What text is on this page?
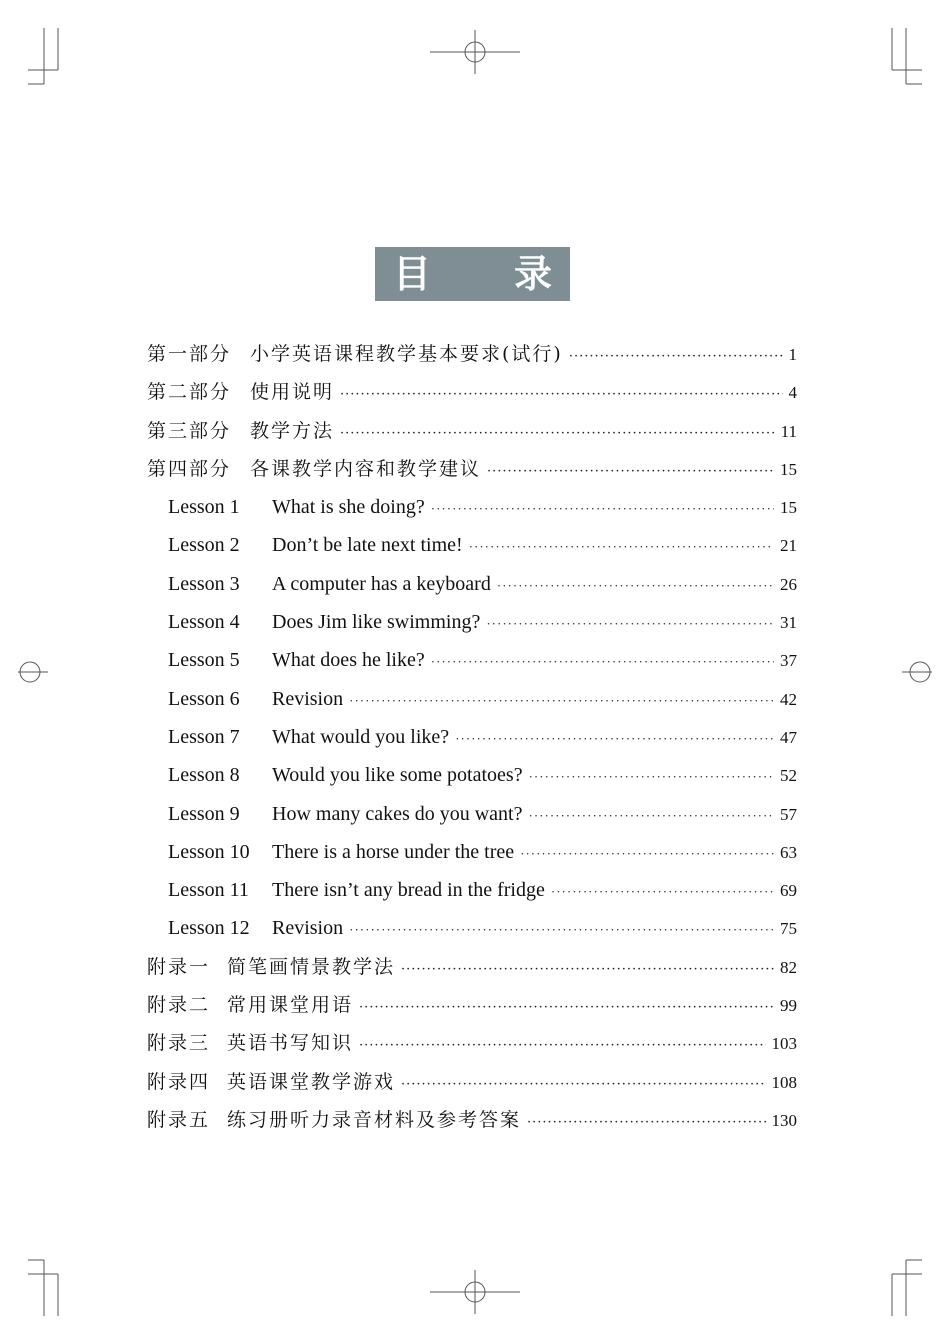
目 录
第一部分 小学英语课程教学基本要求(试行) ·····	1
第二部分 使用说明 ·····	4
第三部分 教学方法 ·····	11
第四部分 各课教学内容和教学建议 ·····	15
Lesson 1	What is she doing? ·····	15
Lesson 2	Don’t be late next time! ·····	21
Lesson 3	A computer has a keyboard ·····	26
Lesson 4	Does Jim like swimming? ·····	31
Lesson 5	What does he like? ·····	37
Lesson 6	Revision ·····	42
Lesson 7	What would you like? ·····	47
Lesson 8	Would you like some potatoes? ·····	52
Lesson 9	How many cakes do you want? ·····	57
Lesson 10	There is a horse under the tree ·····	63
Lesson 11	There isn’t any bread in the fridge ·····	69
Lesson 12	Revision ·····	75
附录一 简笔画情景教学法 ·····	82
附录二 常用课堂用语 ·····	99
附录三 英语书写知识 ·····	103
附录四 英语课堂教学游戏 ·····	108
附录五 练习册听力录音材料及参考答案 ·····	130
